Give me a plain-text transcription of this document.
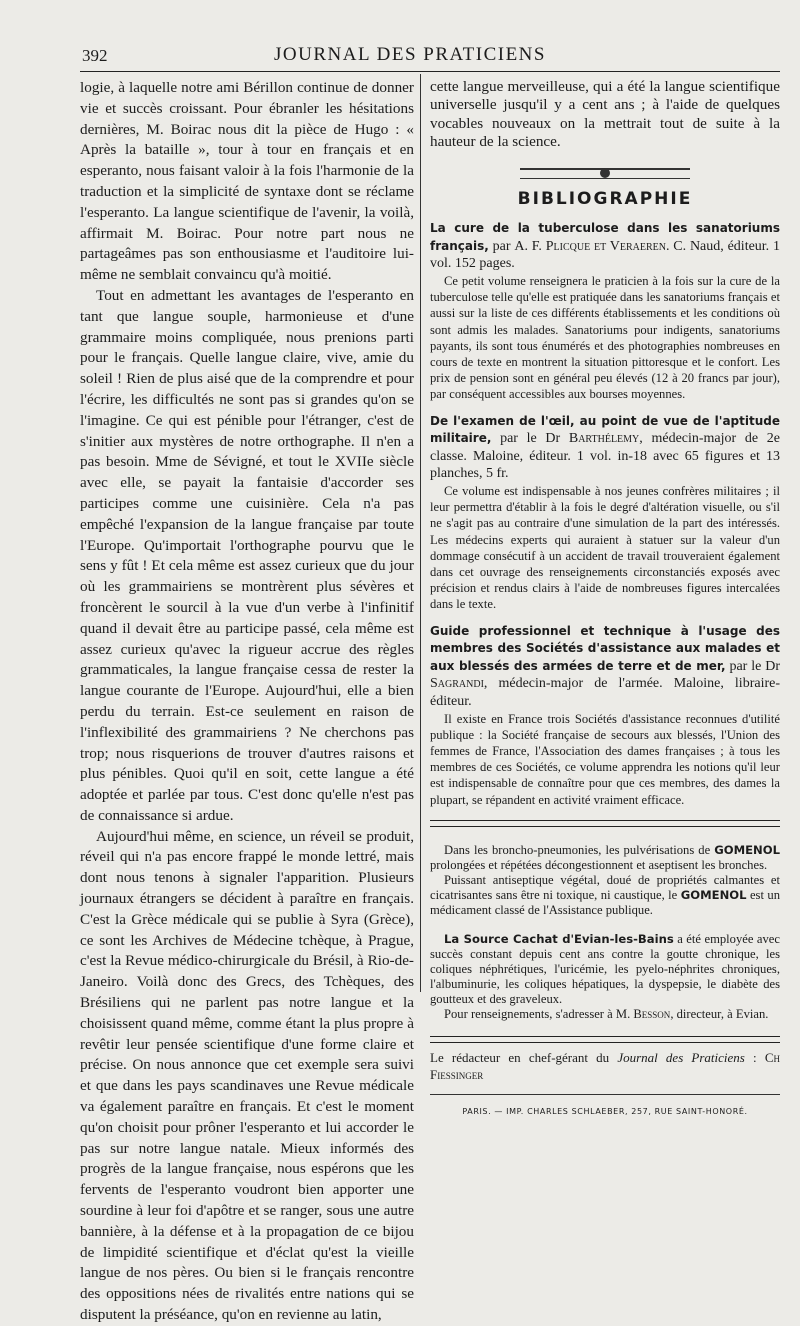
392	JOURNAL DES PRATICIENS

logie, à laquelle notre ami Bérillon continue de donner vie et succès croissant. Pour ébranler les hésitations dernières, M. Boirac nous dit la pièce de Hugo : « Après la bataille », tour à tour en français et en esperanto, nous faisant valoir à la fois l'harmonie de la traduction et la simplicité de syntaxe dont se réclame l'esperanto. La langue scientifique de l'avenir, la voilà, affirmait M. Boirac. Pour notre part nous ne partageâmes pas son enthousiasme et l'auditoire lui-même ne semblait convaincu qu'à moitié.

Tout en admettant les avantages de l'esperanto en tant que langue souple, harmonieuse et d'une grammaire moins compliquée, nous prenions parti pour le français. Quelle langue claire, vive, amie du soleil ! Rien de plus aisé que de la comprendre et pour l'écrire, les difficultés ne sont pas si grandes qu'on se l'imagine. Ce qui est pénible pour l'étranger, c'est de s'initier aux mystères de notre orthographe. Il n'en a pas besoin. Mme de Sévigné, et tout le XVIIe siècle avec elle, se payait la fantaisie d'accorder ses participes comme une cuisinière. Cela n'a pas empêché l'expansion de la langue française par toute l'Europe. Qu'importait l'orthographe pourvu que le sens y fût ! Et cela même est assez curieux que du jour où les grammairiens se montrèrent plus sévères et froncèrent le sourcil à la vue d'un verbe à l'infinitif quand il devait être au participe passé, cela même est assez curieux qu'avec la rigueur accrue des règles grammaticales, la langue française cessa de rester la langue courante de l'Europe. Aujourd'hui, elle a bien perdu du terrain. Est-ce seulement en raison de l'inflexibilité des grammairiens ? Ne cherchons pas trop; nous risquerions de trouver d'autres raisons et plus pénibles. Quoi qu'il en soit, cette langue a été adoptée et parlée par tous. C'est donc qu'elle n'est pas de connaissance si ardue.

Aujourd'hui même, en science, un réveil se produit, réveil qui n'a pas encore frappé le monde lettré, mais dont nous tenons à signaler l'apparition. Plusieurs journaux étrangers se décident à paraître en français. C'est la Grèce médicale qui se publie à Syra (Grèce), ce sont les Archives de Médecine tchèque, à Prague, c'est la Revue médico-chirurgicale du Brésil, à Rio-de-Janeiro. Voilà donc des Grecs, des Tchèques, des Brésiliens qui ne parlent pas notre langue et la choisissent quand même, comme étant la plus propre à revêtir leur pensée scientifique d'une forme claire et précise. On nous annonce que cet exemple sera suivi et que dans les pays scandinaves une Revue médicale va également paraître en français. Et c'est le moment qu'on choisit pour prôner l'esperanto et lui accorder le pas sur notre langue natale. Mieux informés des progrès de la langue française, nous espérons que les fervents de l'esperanto voudront bien apporter une sourdine à leur foi d'apôtre et se ranger, sous une autre bannière, à la défense et à la propagation de ce bijou de limpidité scientifique et d'éclat qu'est la vieille langue de nos pères. Ou bien si le français rencontre des oppositions nées de rivalités entre nations qui se disputent la préséance, qu'on en revienne au latin,

cette langue merveilleuse, qui a été la langue scientifique universelle jusqu'il y a cent ans ; à l'aide de quelques vocables nouveaux on la mettrait tout de suite à la hauteur de la science.

BIBLIOGRAPHIE

La cure de la tuberculose dans les sanatoriums français, par A. F. Plicque et Veraeren. C. Naud, éditeur. 1 vol. 152 pages.

Ce petit volume renseignera le praticien à la fois sur la cure de la tuberculose telle qu'elle est pratiquée dans les sanatoriums français et aussi sur la liste de ces différents établissements et les conditions où sont admis les malades. Sanatoriums pour indigents, sanatoriums payants, ils sont tous énumérés et des photographies nombreuses en cours de texte en montrent la situation pittoresque et le confort. Les prix de pension sont en général peu élevés (12 à 20 francs par jour), par conséquent accessibles aux bourses moyennes.

De l'examen de l'œil, au point de vue de l'aptitude militaire, par le Dr Barthélemy, médecin-major de 2e classe. Maloine, éditeur. 1 vol. in-18 avec 65 figures et 13 planches, 5 fr.

Ce volume est indispensable à nos jeunes confrères militaires ; il leur permettra d'établir à la fois le degré d'altération visuelle, ou s'il ne s'agit pas au contraire d'une simulation de la part des intéressés. Les médecins experts qui auraient à statuer sur la valeur d'un dommage consécutif à un accident de travail trouveraient également dans cet ouvrage des renseignements circonstanciés exposés avec précision et rendus clairs à l'aide de nombreuses figures intercalées dans le texte.

Guide professionnel et technique à l'usage des membres des Sociétés d'assistance aux malades et aux blessés des armées de terre et de mer, par le Dr Sagrandi, médecin-major de l'armée. Maloine, libraire-éditeur.

Il existe en France trois Sociétés d'assistance reconnues d'utilité publique : la Société française de secours aux blessés, l'Union des femmes de France, l'Association des dames françaises ; à tous les membres de ces Sociétés, ce volume apprendra les notions qu'il leur est indispensable de connaître pour que ces membres, des dames la plupart, se répandent en activité vraiment efficace.

Dans les broncho-pneumonies, les pulvérisations de GOMENOL prolongées et répétées décongestionnent et aseptisent les bronches.

Puissant antiseptique végétal, doué de propriétés calmantes et cicatrisantes sans être ni toxique, ni caustique, le GOMENOL est un médicament classé de l'Assistance publique.

La Source Cachat d'Evian-les-Bains a été employée avec succès constant depuis cent ans contre la goutte chronique, les coliques néphrétiques, l'uricémie, les pyelo-néphrites chroniques, l'albuminurie, les coliques hépatiques, la dyspepsie, le diabète des goutteux et des graveleux.

Pour renseignements, s'adresser à M. Besson, directeur, à Evian.

Le rédacteur en chef-gérant du Journal des Praticiens : Ch Fiessinger

PARIS. — IMP. CHARLES SCHLAEBER, 257, RUE SAINT-HONORÉ.
